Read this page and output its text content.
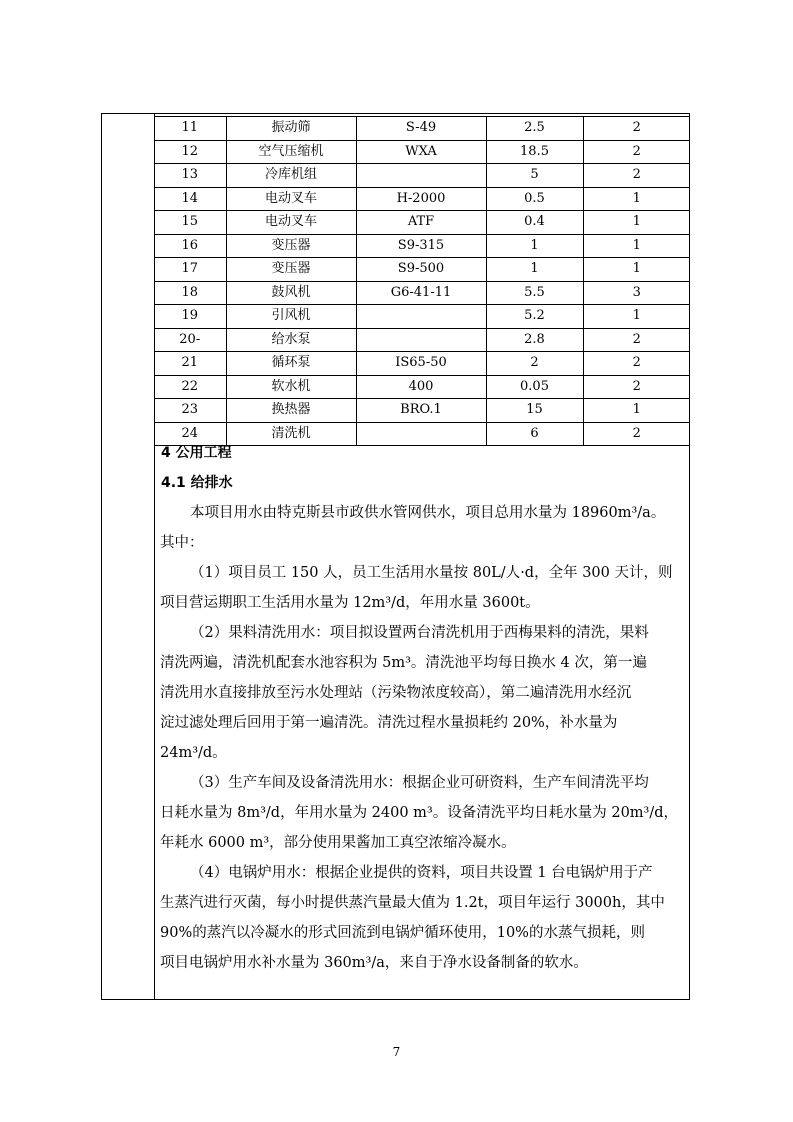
11	振动筛	S-49	2.5	2
12	空气压缩机	WXA	18.5	2
13	冷库机组		5	2
14	电动叉车	H-2000	0.5	1
15	电动叉车	ATF	0.4	1
16	变压器	S9-315	1	1
17	变压器	S9-500	1	1
18	鼓风机	G6-41-11	5.5	3
19	引风机		5.2	1
20-	给水泵		2.8	2
21	循环泵	IS65-50	2	2
22	软水机	400	0.05	2
23	换热器	BRO.1	15	1
24	清洗机		6	2

4 公用工程

4.1 给排水

本项目用水由特克斯县市政供水管网供水，项目总用水量为 18960m³/a。

其中：

（1）项目员工 150 人，员工生活用水量按 80L/人·d，全年 300 天计，则

项目营运期职工生活用水量为 12m³/d，年用水量 3600t。

（2）果料清洗用水：项目拟设置两台清洗机用于西梅果料的清洗，果料

清洗两遍，清洗机配套水池容积为 5m³。清洗池平均每日换水 4 次，第一遍

清洗用水直接排放至污水处理站（污染物浓度较高），第二遍清洗用水经沉

淀过滤处理后回用于第一遍清洗。清洗过程水量损耗约 20%，补水量为

24m³/d。

（3）生产车间及设备清洗用水：根据企业可研资料，生产车间清洗平均

日耗水量为 8m³/d，年用水量为 2400 m³。设备清洗平均日耗水量为 20m³/d，

年耗水 6000 m³，部分使用果酱加工真空浓缩冷凝水。

（4）电锅炉用水：根据企业提供的资料，项目共设置 1 台电锅炉用于产

生蒸汽进行灭菌，每小时提供蒸汽量最大值为 1.2t，项目年运行 3000h，其中

90%的蒸汽以冷凝水的形式回流到电锅炉循环使用，10%的水蒸气损耗，则

项目电锅炉用水补水量为 360m³/a，来自于净水设备制备的软水。

7
